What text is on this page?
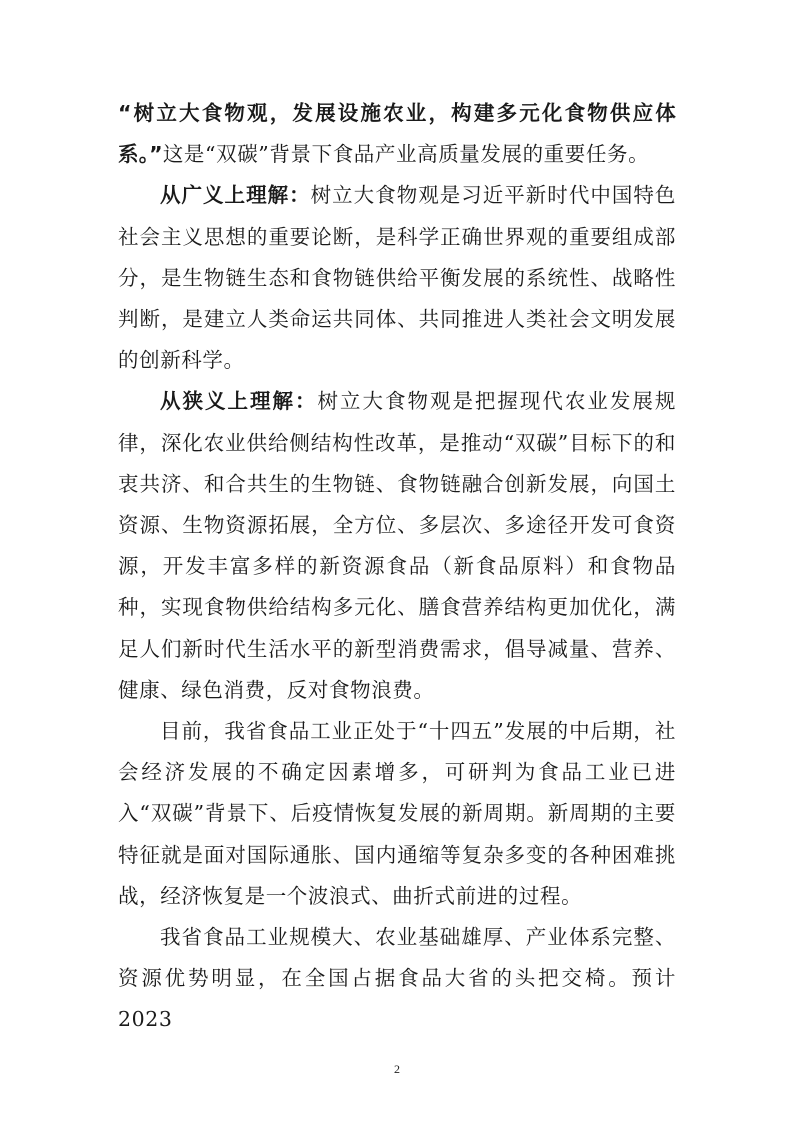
“树立大食物观，发展设施农业，构建多元化食物供应体系。”这是“双碳”背景下食品产业高质量发展的重要任务。

从广义上理解：树立大食物观是习近平新时代中国特色社会主义思想的重要论断，是科学正确世界观的重要组成部分，是生物链生态和食物链供给平衡发展的系统性、战略性判断，是建立人类命运共同体、共同推进人类社会文明发展的创新科学。

从狭义上理解：树立大食物观是把握现代农业发展规律，深化农业供给侧结构性改革，是推动“双碳”目标下的和衷共济、和合共生的生物链、食物链融合创新发展，向国土资源、生物资源拓展，全方位、多层次、多途径开发可食资源，开发丰富多样的新资源食品（新食品原料）和食物品种，实现食物供给结构多元化、膳食营养结构更加优化，满足人们新时代生活水平的新型消费需求，倡导减量、营养、健康、绿色消费，反对食物浪费。

目前，我省食品工业正处于“十四五”发展的中后期，社会经济发展的不确定因素增多，可研判为食品工业已进入“双碳”背景下、后疫情恢复发展的新周期。新周期的主要特征就是面对国际通胀、国内通缩等复杂多变的各种困难挑战，经济恢复是一个波浪式、曲折式前进的过程。

我省食品工业规模大、农业基础雄厚、产业体系完整、资源优势明显，在全国占据食品大省的头把交椅。预计 2023

2
